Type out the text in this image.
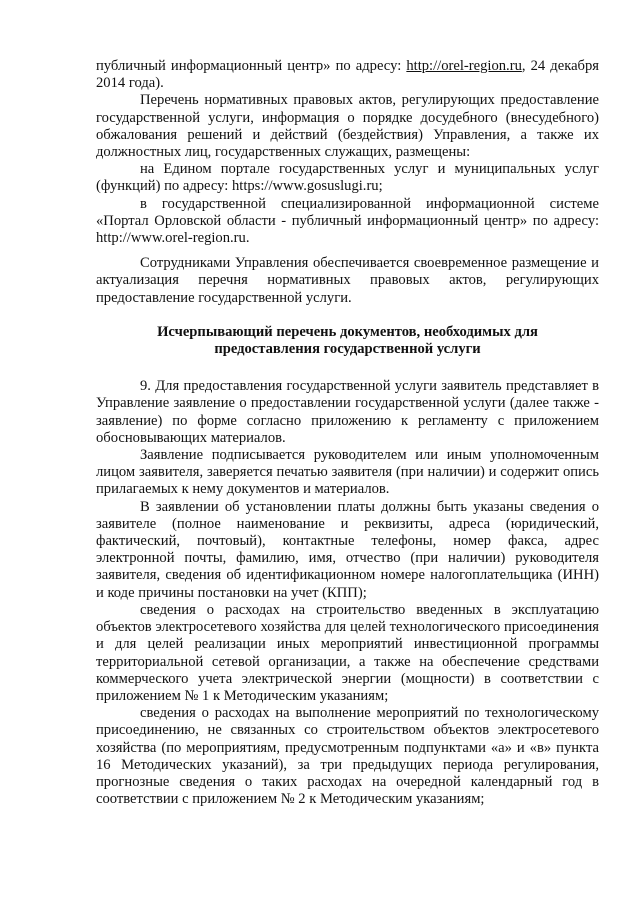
публичный информационный центр» по адресу: http://orel-region.ru, 24 декабря 2014 года).

Перечень нормативных правовых актов, регулирующих предоставление государственной услуги, информация о порядке досудебного (внесудебного) обжалования решений и действий (бездействия) Управления, а также их должностных лиц, государственных служащих, размещены:

на Едином портале государственных услуг и муниципальных услуг (функций) по адресу: https://www.gosuslugi.ru;

в государственной специализированной информационной системе «Портал Орловской области - публичный информационный центр» по адресу: http://www.orel-region.ru.

Сотрудниками Управления обеспечивается своевременное размещение и актуализация перечня нормативных правовых актов, регулирующих предоставление государственной услуги.

Исчерпывающий перечень документов, необходимых для
предоставления государственной услуги

9. Для предоставления государственной услуги заявитель представляет в Управление заявление о предоставлении государственной услуги (далее также - заявление) по форме согласно приложению к регламенту с приложением обосновывающих материалов.

Заявление подписывается руководителем или иным уполномоченным лицом заявителя, заверяется печатью заявителя (при наличии) и содержит опись прилагаемых к нему документов и материалов.

В заявлении об установлении платы должны быть указаны сведения о заявителе (полное наименование и реквизиты, адреса (юридический, фактический, почтовый), контактные телефоны, номер факса, адрес электронной почты, фамилию, имя, отчество (при наличии) руководителя заявителя, сведения об идентификационном номере налогоплательщика (ИНН) и коде причины постановки на учет (КПП);

сведения о расходах на строительство введенных в эксплуатацию объектов электросетевого хозяйства для целей технологического присоединения и для целей реализации иных мероприятий инвестиционной программы территориальной сетевой организации, а также на обеспечение средствами коммерческого учета электрической энергии (мощности) в соответствии с приложением № 1 к Методическим указаниям;

сведения о расходах на выполнение мероприятий по технологическому присоединению, не связанных со строительством объектов электросетевого хозяйства (по мероприятиям, предусмотренным подпунктами «а» и «в» пункта 16 Методических указаний), за три предыдущих периода регулирования, прогнозные сведения о таких расходах на очередной календарный год в соответствии с приложением № 2 к Методическим указаниям;
